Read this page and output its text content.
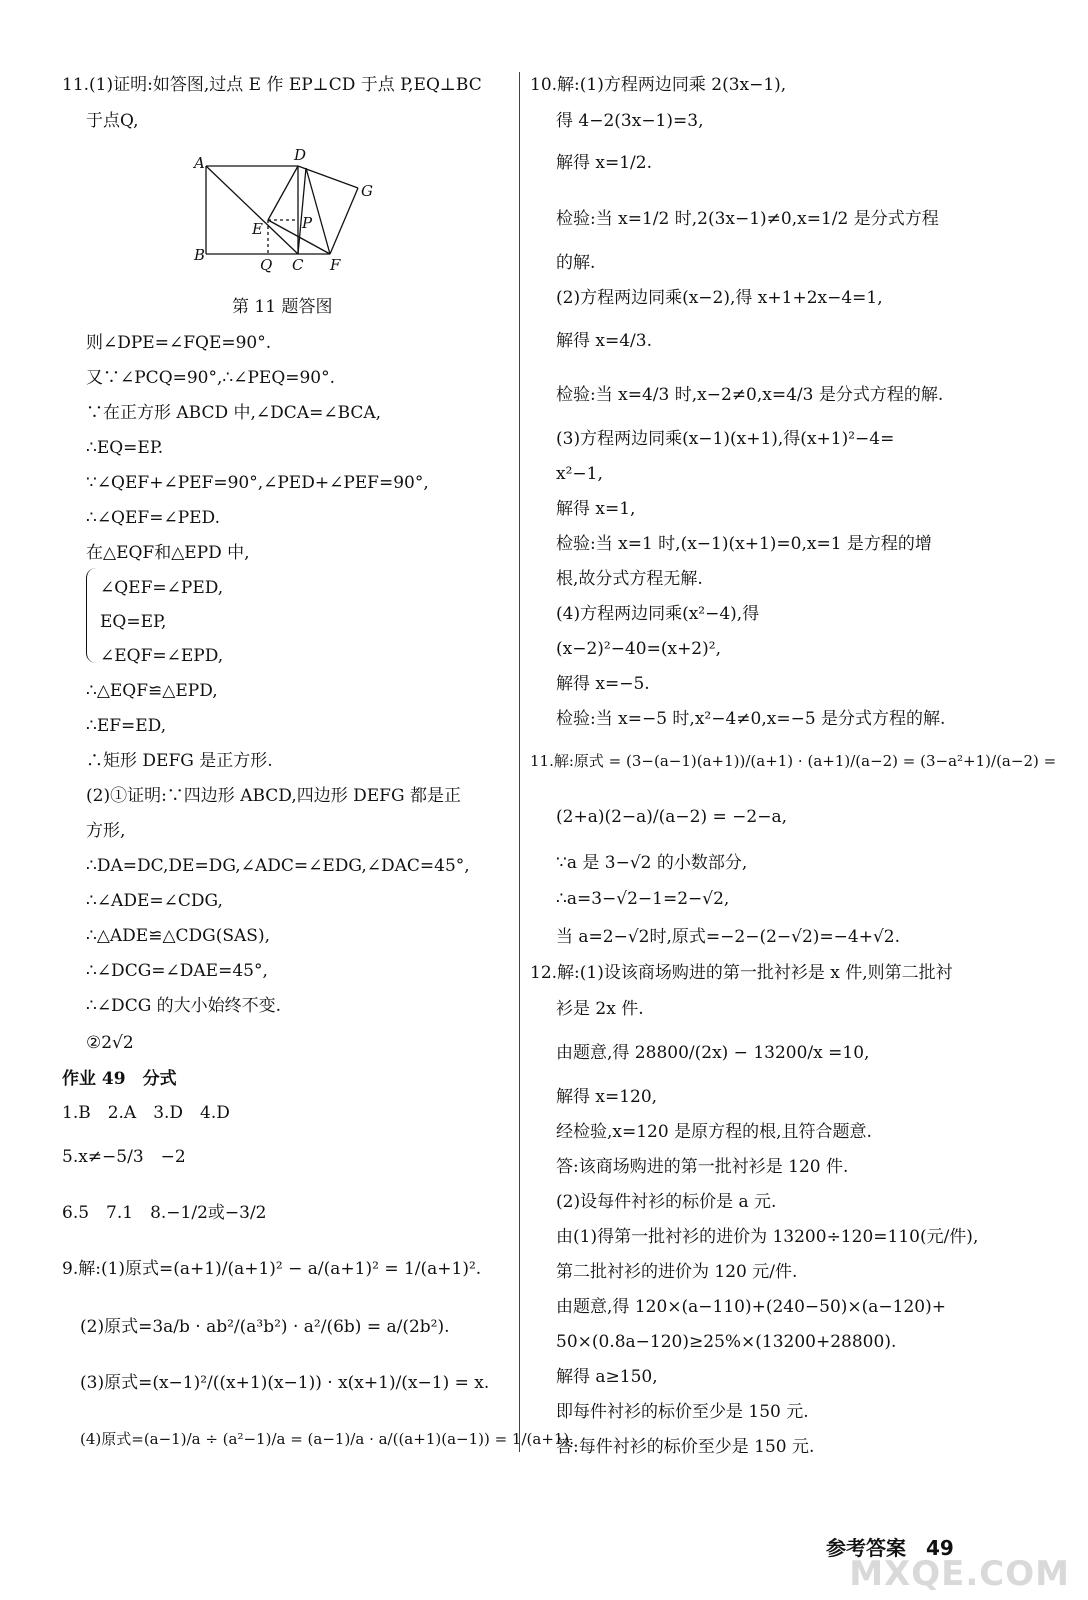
11.(1)证明:如答图,过点 E 作 EP⊥CD 于点 P,EQ⊥BC
于点Q,
A	D
G
E	P
B
Q C F
第 11 题答图
则∠DPE=∠FQE=90°.
又∵∠PCQ=90°,∴∠PEQ=90°.
∵在正方形 ABCD 中,∠DCA=∠BCA,
∴EQ=EP.
∵∠QEF+∠PEF=90°,∠PED+∠PEF=90°,
∴∠QEF=∠PED.
在△EQF和△EPD 中,
∠QEF=∠PED,
EQ=EP,
∠EQF=∠EPD,
∴△EQF≌△EPD,
∴EF=ED,
∴矩形 DEFG 是正方形.
(2)①证明:∵四边形 ABCD,四边形 DEFG 都是正
方形,
∴DA=DC,DE=DG,∠ADC=∠EDG,∠DAC=45°,
∴∠ADE=∠CDG,
∴△ADE≌△CDG(SAS),
∴∠DCG=∠DAE=45°,
∴∠DCG 的大小始终不变.
②2√2
作业 49　分式
1.B　2.A　3.D　4.D
5.x≠−5/3　−2
6.5　7.1　8.−1/2或−3/2
9.解:(1)原式=(a+1)/(a+1)² − a/(a+1)² = 1/(a+1)².
(2)原式=3a/b · ab²/(a³b²) · a²/(6b) = a/(2b²).
(3)原式=(x−1)²/((x+1)(x−1)) · x(x+1)/(x−1) = x.
(4)原式=(a−1)/a ÷ (a²−1)/a = (a−1)/a · a/((a+1)(a−1)) = 1/(a+1).
10.解:(1)方程两边同乘 2(3x−1),
得 4−2(3x−1)=3,
解得 x=1/2.
检验:当 x=1/2 时,2(3x−1)≠0,x=1/2 是分式方程
的解.
(2)方程两边同乘(x−2),得 x+1+2x−4=1,
解得 x=4/3.
检验:当 x=4/3 时,x−2≠0,x=4/3 是分式方程的解.
(3)方程两边同乘(x−1)(x+1),得(x+1)²−4=
x²−1,
解得 x=1,
检验:当 x=1 时,(x−1)(x+1)=0,x=1 是方程的增
根,故分式方程无解.
(4)方程两边同乘(x²−4),得
(x−2)²−40=(x+2)²,
解得 x=−5.
检验:当 x=−5 时,x²−4≠0,x=−5 是分式方程的解.
11.解:原式 = (3−(a−1)(a+1))/(a+1) · (a+1)/(a−2) = (3−a²+1)/(a−2) =
(2+a)(2−a)/(a−2) = −2−a,
∵a 是 3−√2 的小数部分,
∴a=3−√2−1=2−√2,
当 a=2−√2时,原式=−2−(2−√2)=−4+√2.
12.解:(1)设该商场购进的第一批衬衫是 x 件,则第二批衬
衫是 2x 件.
由题意,得 28800/(2x) − 13200/x =10,
解得 x=120,
经检验,x=120 是原方程的根,且符合题意.
答:该商场购进的第一批衬衫是 120 件.
(2)设每件衬衫的标价是 a 元.
由(1)得第一批衬衫的进价为 13200÷120=110(元/件),
第二批衬衫的进价为 120 元/件.
由题意,得 120×(a−110)+(240−50)×(a−120)+
50×(0.8a−120)≥25%×(13200+28800).
解得 a≥150,
即每件衬衫的标价至少是 150 元.
答:每件衬衫的标价至少是 150 元.
参考答案　49
MXQE.COM
